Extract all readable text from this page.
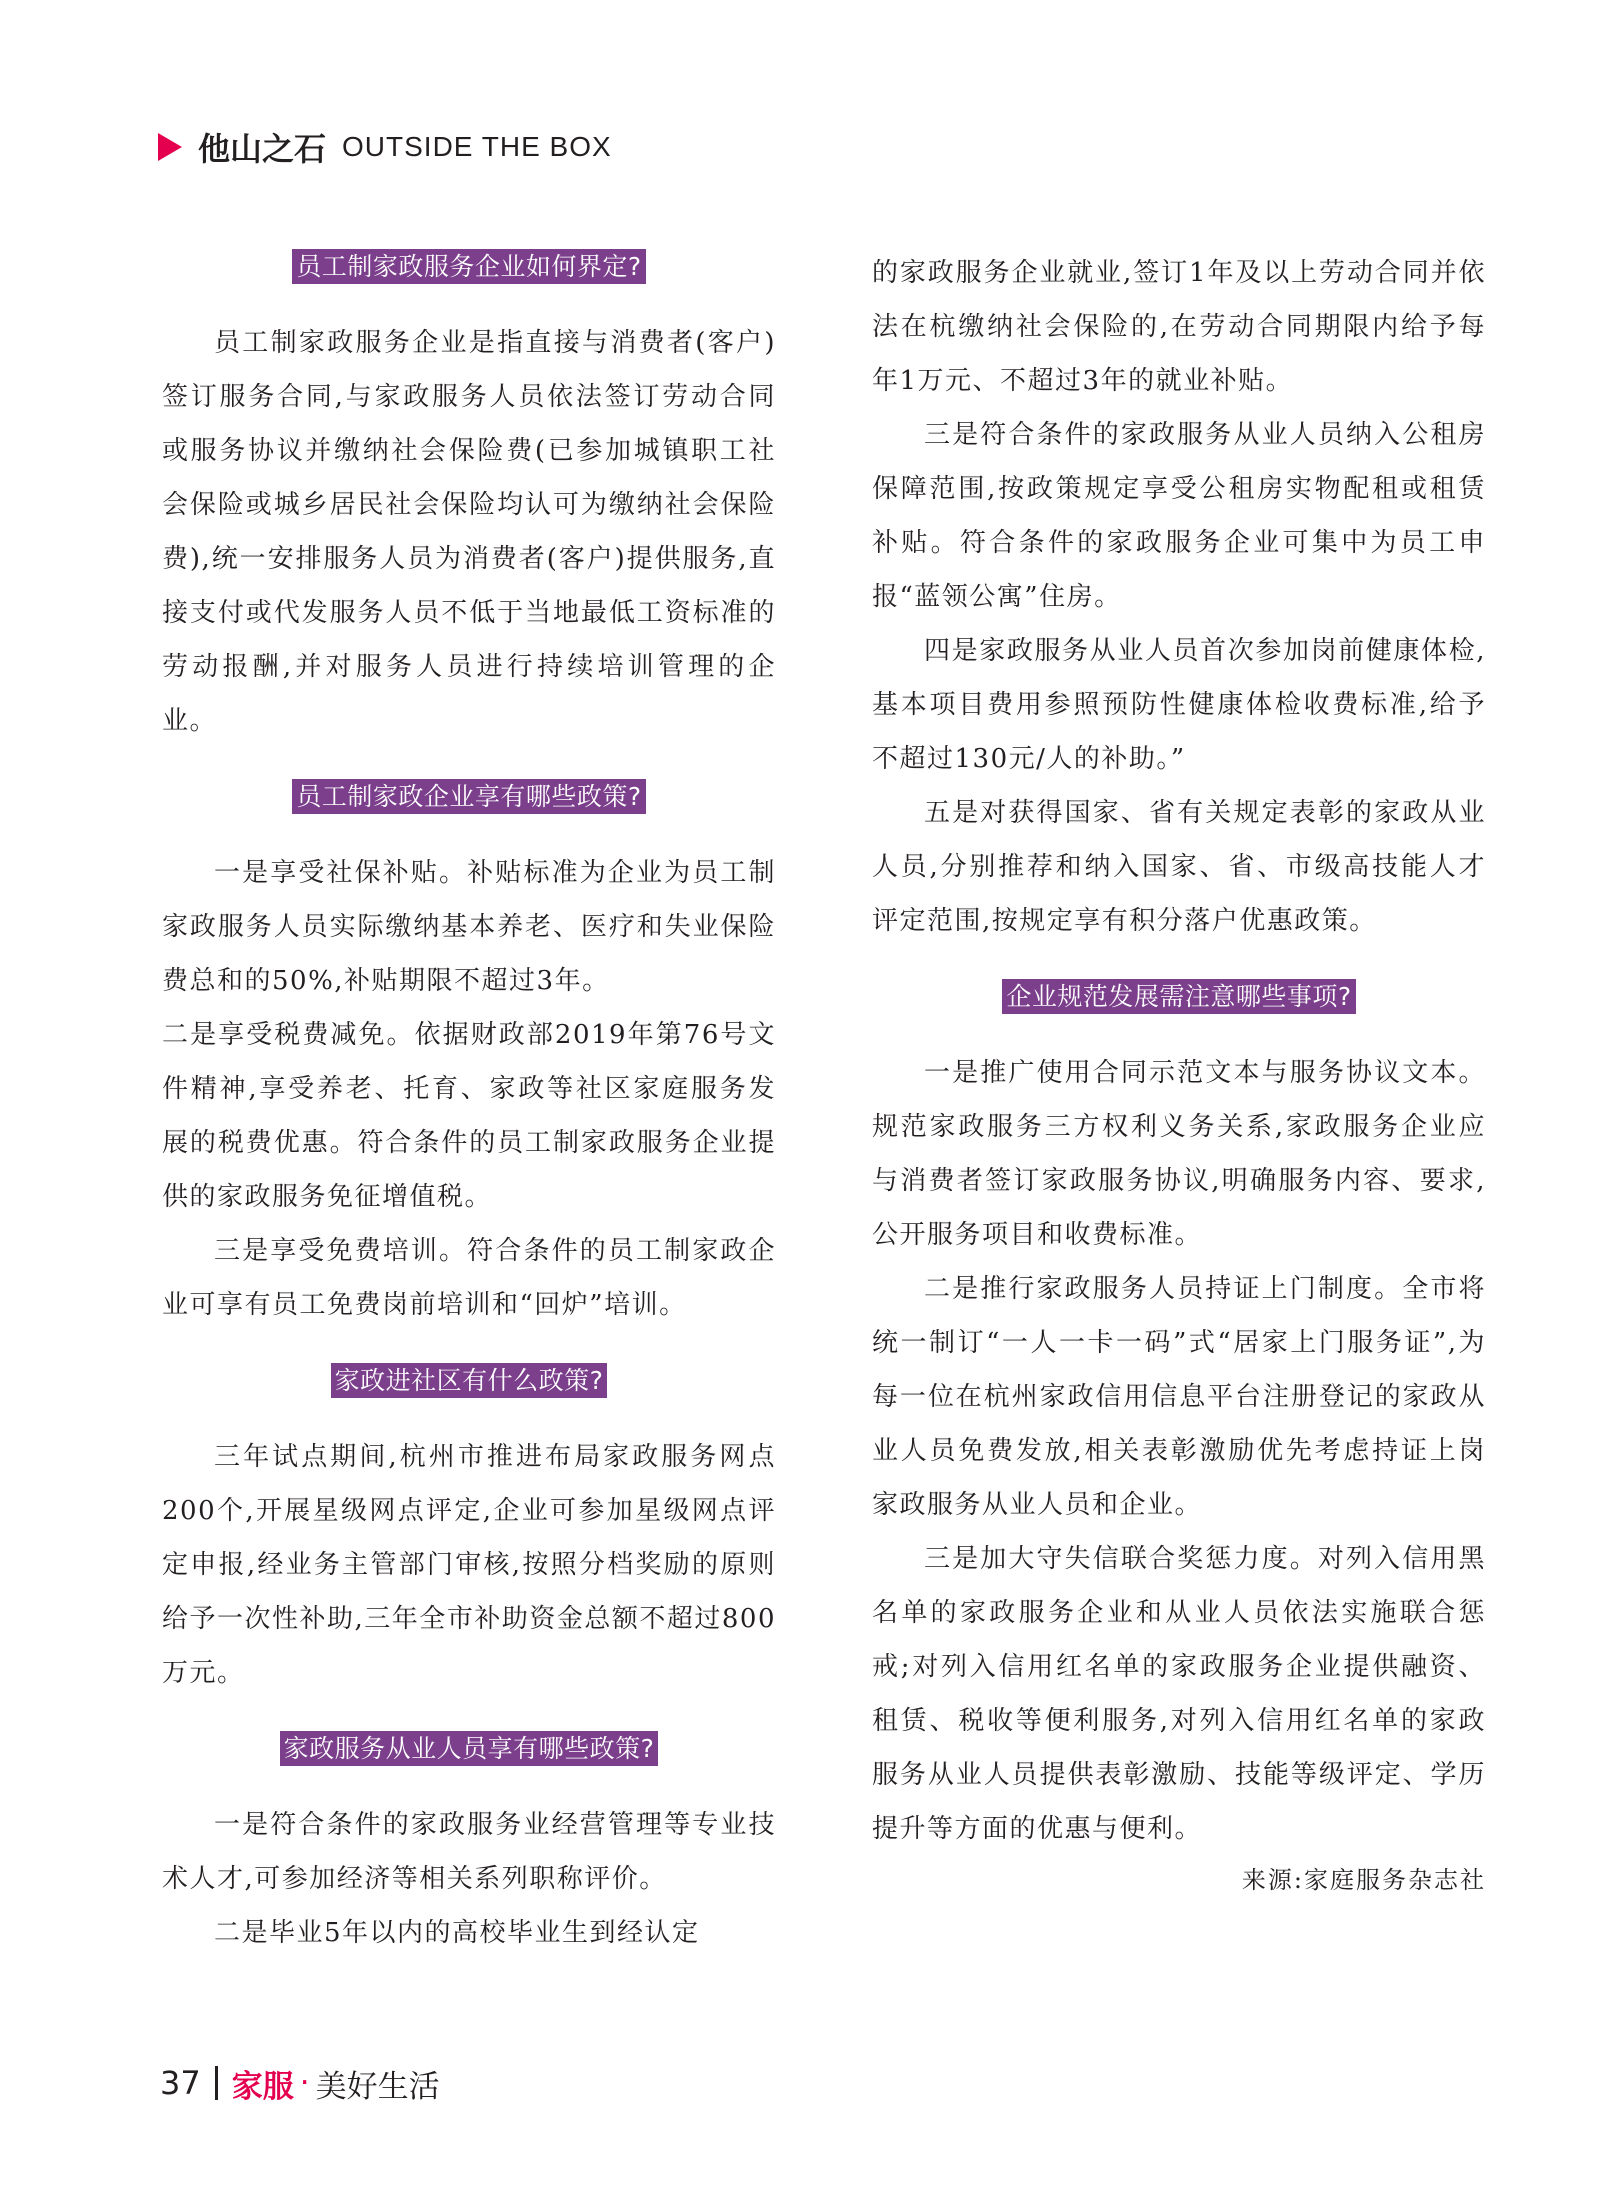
他山之石 OUTSIDE THE BOX

员工制家政服务企业如何界定?

员工制家政服务企业是指直接与消费者(客户)签订服务合同,与家政服务人员依法签订劳动合同或服务协议并缴纳社会保险费(已参加城镇职工社会保险或城乡居民社会保险均认可为缴纳社会保险费),统一安排服务人员为消费者(客户)提供服务,直接支付或代发服务人员不低于当地最低工资标准的劳动报酬,并对服务人员进行持续培训管理的企业。

员工制家政企业享有哪些政策?

一是享受社保补贴。补贴标准为企业为员工制家政服务人员实际缴纳基本养老、医疗和失业保险费总和的50%,补贴期限不超过3年。

二是享受税费减免。依据财政部2019年第76号文件精神,享受养老、托育、家政等社区家庭服务发展的税费优惠。符合条件的员工制家政服务企业提供的家政服务免征增值税。

三是享受免费培训。符合条件的员工制家政企业可享有员工免费岗前培训和“回炉”培训。

家政进社区有什么政策?

三年试点期间,杭州市推进布局家政服务网点200个,开展星级网点评定,企业可参加星级网点评定申报,经业务主管部门审核,按照分档奖励的原则给予一次性补助,三年全市补助资金总额不超过800万元。

家政服务从业人员享有哪些政策?

一是符合条件的家政服务业经营管理等专业技术人才,可参加经济等相关系列职称评价。

二是毕业5年以内的高校毕业生到经认定

的家政服务企业就业,签订1年及以上劳动合同并依法在杭缴纳社会保险的,在劳动合同期限内给予每年1万元、不超过3年的就业补贴。

三是符合条件的家政服务从业人员纳入公租房保障范围,按政策规定享受公租房实物配租或租赁补贴。符合条件的家政服务企业可集中为员工申报“蓝领公寓”住房。

四是家政服务从业人员首次参加岗前健康体检,基本项目费用参照预防性健康体检收费标准,给予不超过130元/人的补助。”

五是对获得国家、省有关规定表彰的家政从业人员,分别推荐和纳入国家、省、市级高技能人才评定范围,按规定享有积分落户优惠政策。

企业规范发展需注意哪些事项?

一是推广使用合同示范文本与服务协议文本。规范家政服务三方权利义务关系,家政服务企业应与消费者签订家政服务协议,明确服务内容、要求,公开服务项目和收费标准。

二是推行家政服务人员持证上门制度。全市将统一制订“一人一卡一码”式“居家上门服务证”,为每一位在杭州家政信用信息平台注册登记的家政从业人员免费发放,相关表彰激励优先考虑持证上岗家政服务从业人员和企业。

三是加大守失信联合奖惩力度。对列入信用黑名单的家政服务企业和从业人员依法实施联合惩戒;对列入信用红名单的家政服务企业提供融资、租赁、税收等便利服务,对列入信用红名单的家政服务从业人员提供表彰激励、技能等级评定、学历提升等方面的优惠与便利。

来源:家庭服务杂志社

37 家服 · 美好生活
